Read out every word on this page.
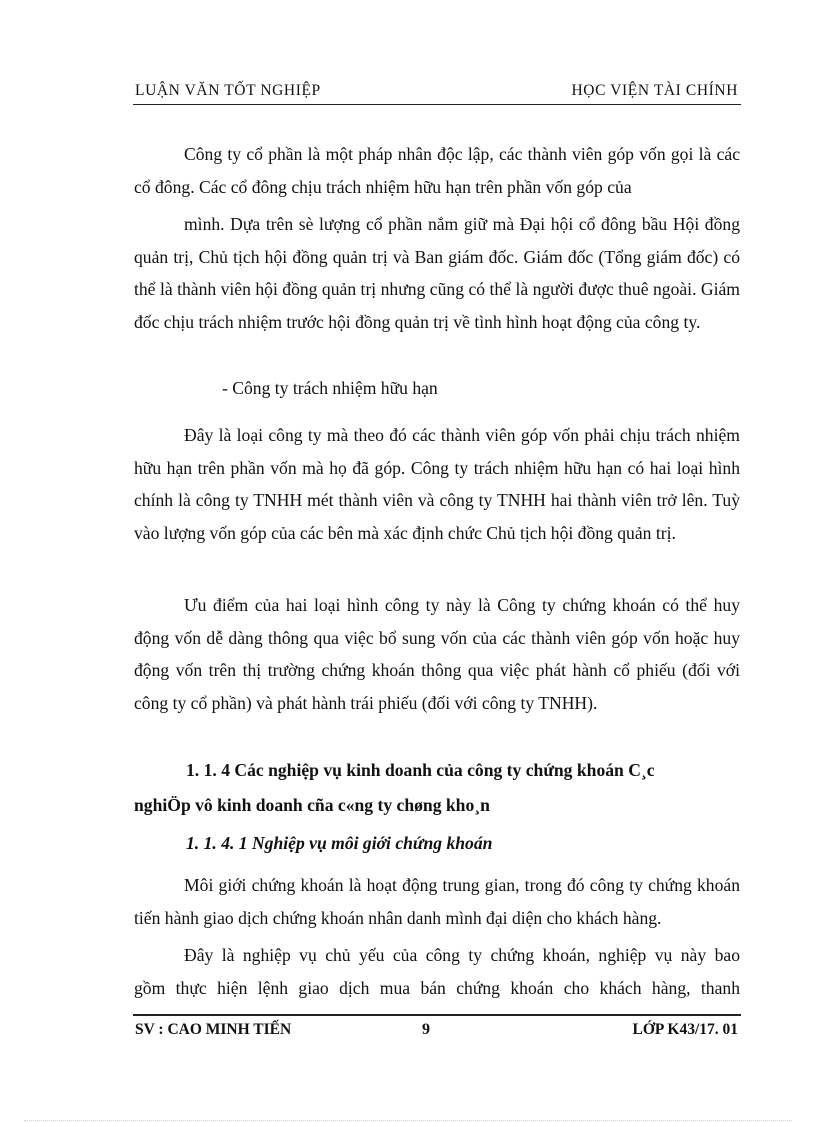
LUẬN VĂN TỐT NGHIỆP	HỌC VIỆN TÀI CHÍNH
Công ty cổ phần là một pháp nhân độc lập, các thành viên góp vốn gọi là các cổ đông. Các cổ đông chịu trách nhiệm hữu hạn trên phần vốn góp của
mình. Dựa trên sè lượng cổ phần nắm giữ mà Đại hội cổ đông bầu Hội đồng quản trị, Chủ tịch hội đồng quản trị và Ban giám đốc. Giám đốc (Tổng giám đốc) có thể là thành viên hội đồng quản trị nhưng cũng có thể là người được thuê ngoài. Giám đốc chịu trách nhiệm trước hội đồng quản trị về tình hình hoạt động của công ty.
- Công ty trách nhiệm hữu hạn
Đây là loại công ty mà theo đó các thành viên góp vốn phải chịu trách nhiệm hữu hạn trên phần vốn mà họ đã góp. Công ty trách nhiệm hữu hạn có hai loại hình chính là công ty TNHH mét thành viên và công ty TNHH hai thành viên trở lên. Tuỳ vào lượng vốn góp của các bên mà xác định chức Chủ tịch hội đồng quản trị.
Ưu điểm của hai loại hình công ty này là Công ty chứng khoán có thể huy động vốn dễ dàng thông qua việc bổ sung vốn của các thành viên góp vốn hoặc huy động vốn trên thị trường chứng khoán thông qua việc phát hành cổ phiếu (đối với công ty cổ phần) và phát hành trái phiếu (đối với công ty TNHH).
1. 1. 4 Các nghiệp vụ kinh doanh của công ty chứng khoán C¸c
nghiÖp vô kinh doanh cña c«ng ty chøng kho¸n
1. 1. 4. 1 Nghiệp vụ môi giới chứng khoán
Môi giới chứng khoán là hoạt động trung gian, trong đó công ty chứng khoán tiến hành giao dịch chứng khoán nhân danh mình đại diện cho khách hàng.
Đây là nghiệp vụ chủ yếu của công ty chứng khoán, nghiệp vụ này bao
gồm thực hiện lệnh giao dịch mua bán chứng khoán cho khách hàng, thanh
SV : CAO MINH TIẾN	9	LỚP K43/17. 01
